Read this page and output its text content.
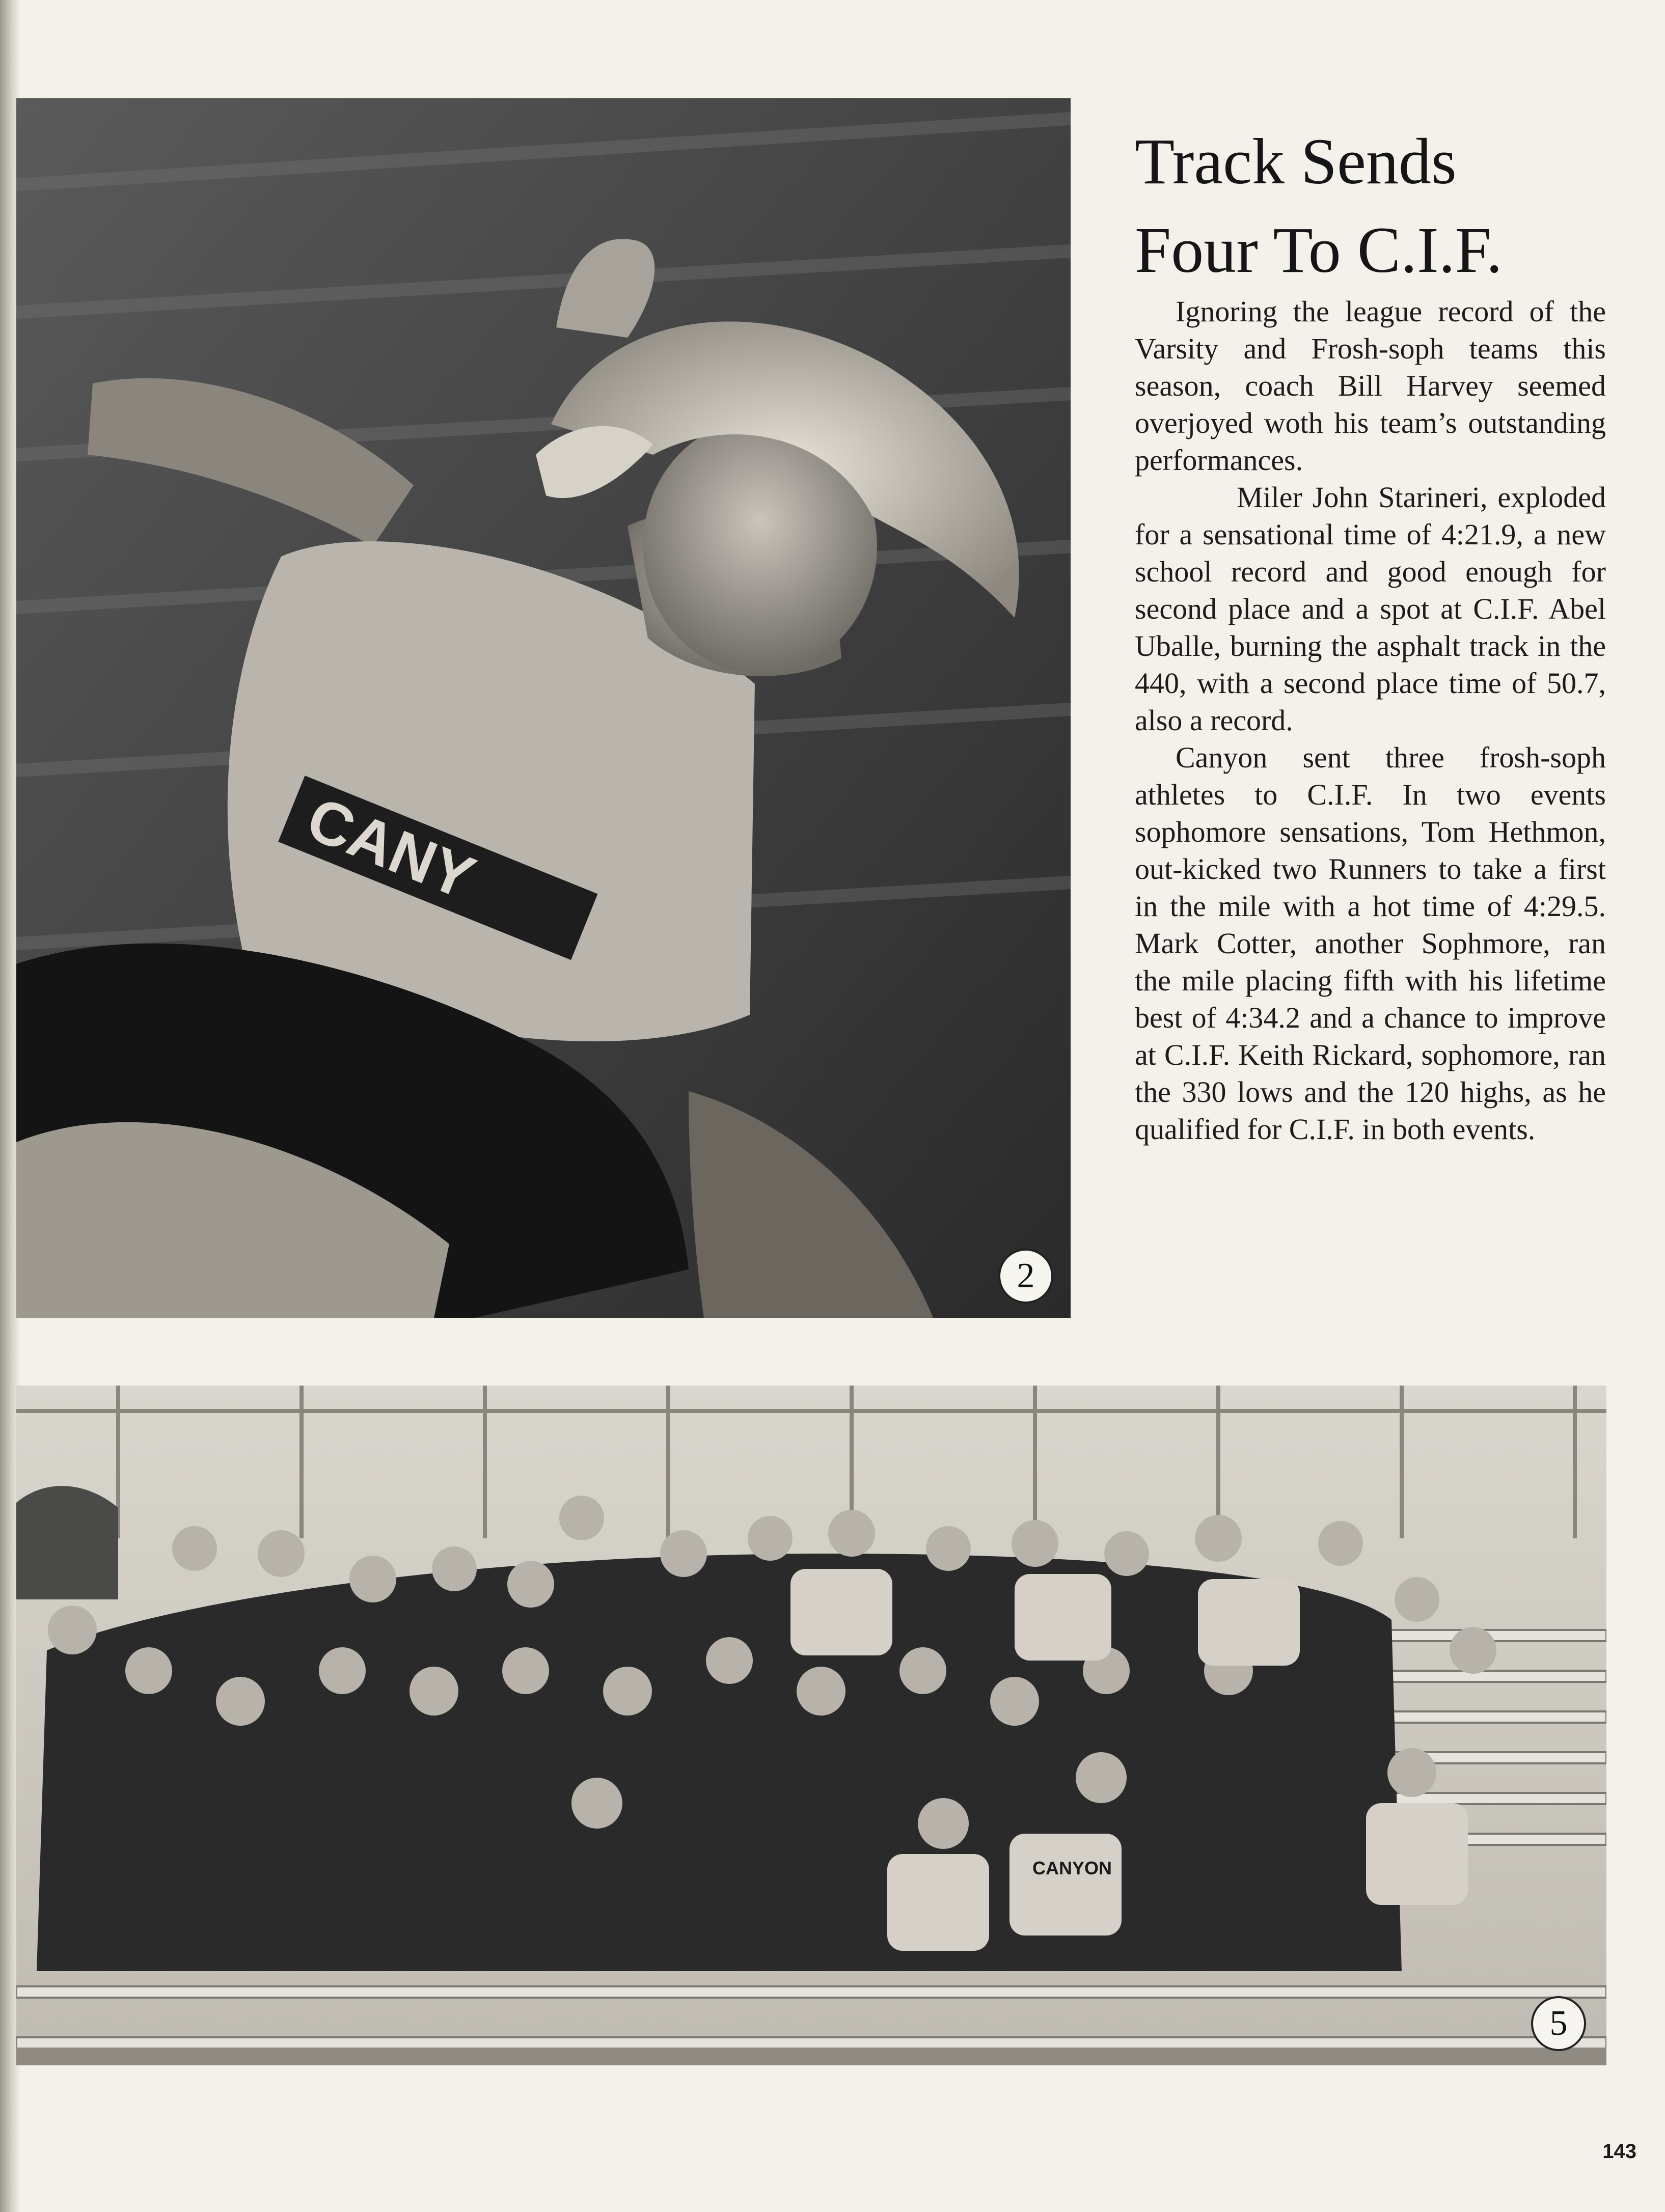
CANY
2
Track Sends
Four To C.I.F.

Ignoring the league record of the Varsity and Frosh-soph teams this season, coach Bill Harvey seemed overjoyed woth his team’s outstanding performances.

Miler John Starineri, exploded for a sensational time of 4:21.9, a new school record and good enough for second place and a spot at C.I.F. Abel Uballe, burning the asphalt track in the 440, with a second place time of 50.7, also a record.

Canyon sent three frosh-soph athletes to C.I.F. In two events sophomore sensations, Tom Hethmon, out-kicked two Runners to take a first in the mile with a hot time of 4:29.5. Mark Cotter, another Sophmore, ran the mile placing fifth with his lifetime best of 4:34.2 and a chance to improve at C.I.F. Keith Rickard, sophomore, ran the 330 lows and the 120 highs, as he qualified for C.I.F. in both events.

CANYON
5
143
